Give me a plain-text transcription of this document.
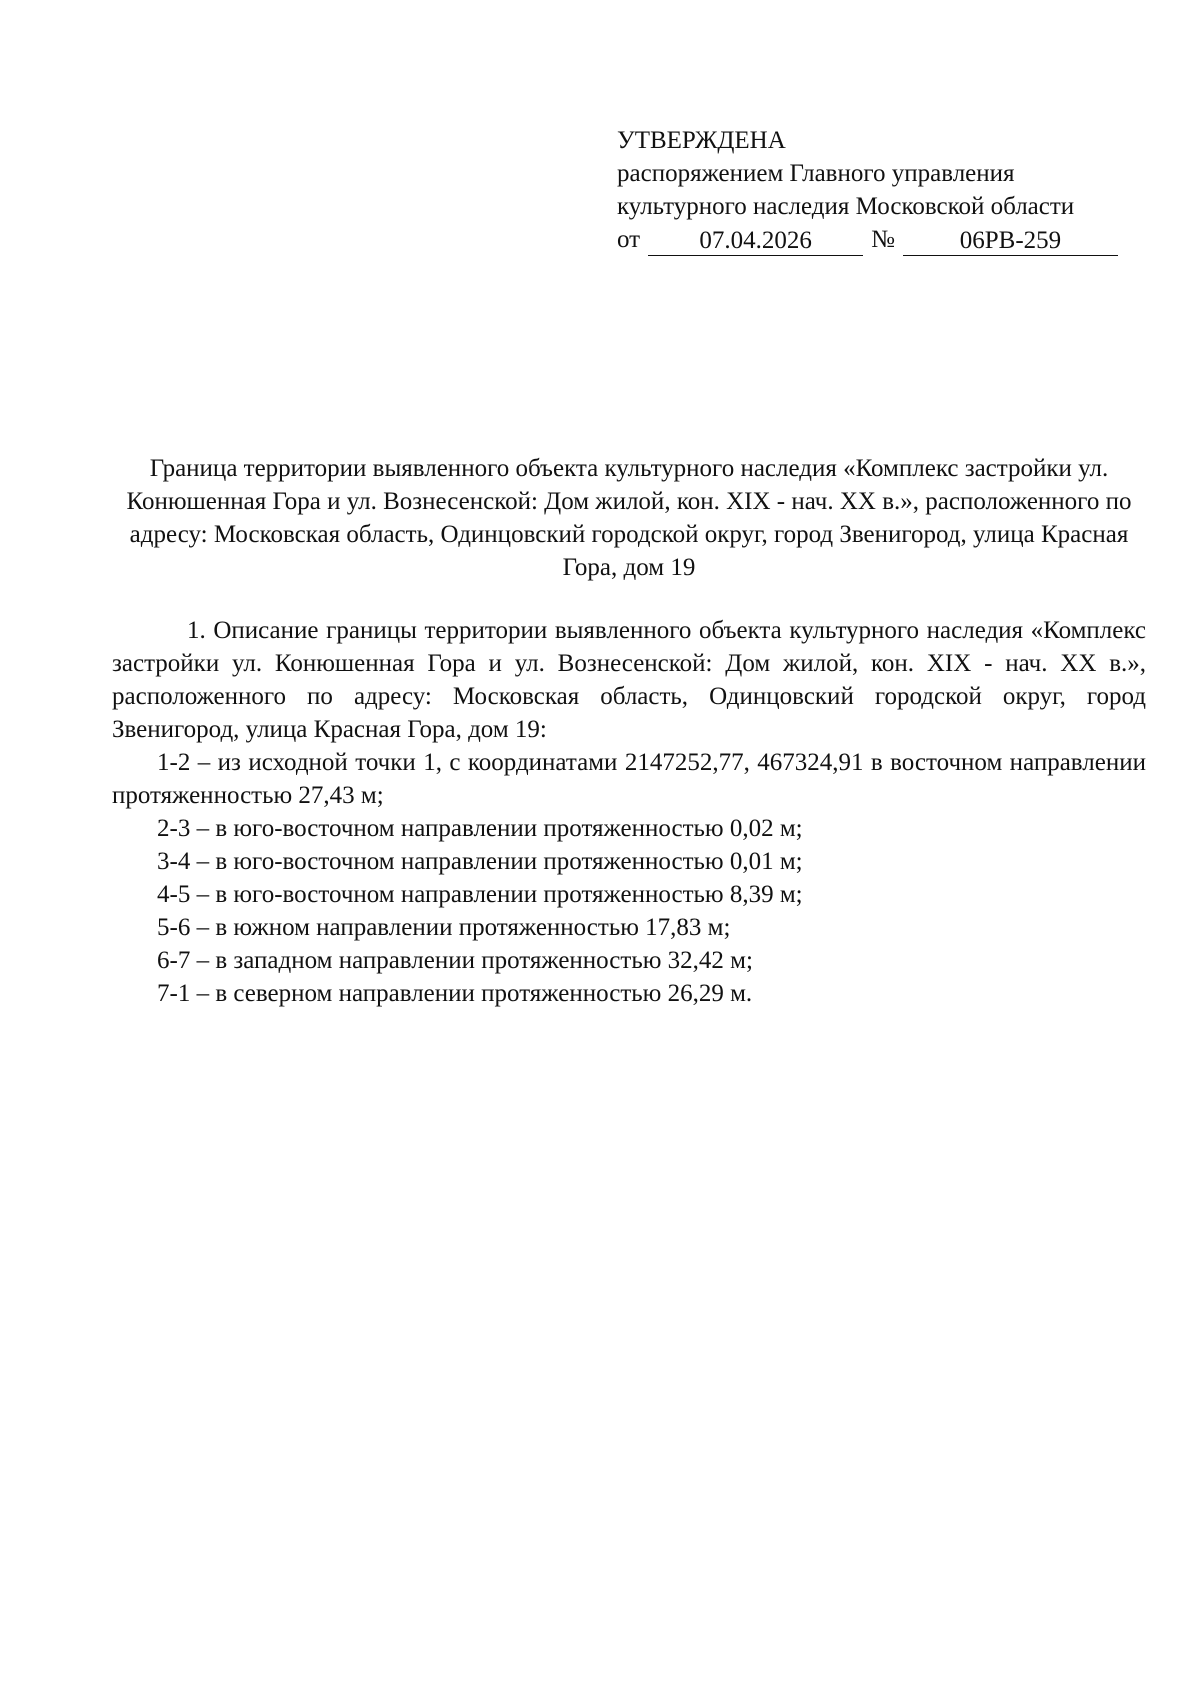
УТВЕРЖДЕНА
распоряжением Главного управления
культурного наследия Московской области
от	07.04.2026	№	06РВ-259
Граница территории выявленного объекта культурного наследия «Комплекс застройки ул. Конюшенная Гора и ул. Вознесенской: Дом жилой, кон. XIX - нач. XX в.», расположенного по адресу: Московская область, Одинцовский городской округ, город Звенигород, улица Красная Гора, дом 19

1. Описание границы территории выявленного объекта культурного наследия «Комплекс застройки ул. Конюшенная Гора и ул. Вознесенской: Дом жилой, кон. XIX - нач. XX в.», расположенного по адресу: Московская область, Одинцовский городской округ, город Звенигород, улица Красная Гора, дом 19:

1-2 – из исходной точки 1, с координатами 2147252,77, 467324,91 в восточном направлении протяженностью 27,43 м;

2-3 – в юго-восточном направлении протяженностью 0,02 м;

3-4 – в юго-восточном направлении протяженностью 0,01 м;

4-5 – в юго-восточном направлении протяженностью 8,39 м;

5-6 – в южном направлении протяженностью 17,83 м;

6-7 – в западном направлении протяженностью 32,42 м;

7-1 – в северном направлении протяженностью 26,29 м.
